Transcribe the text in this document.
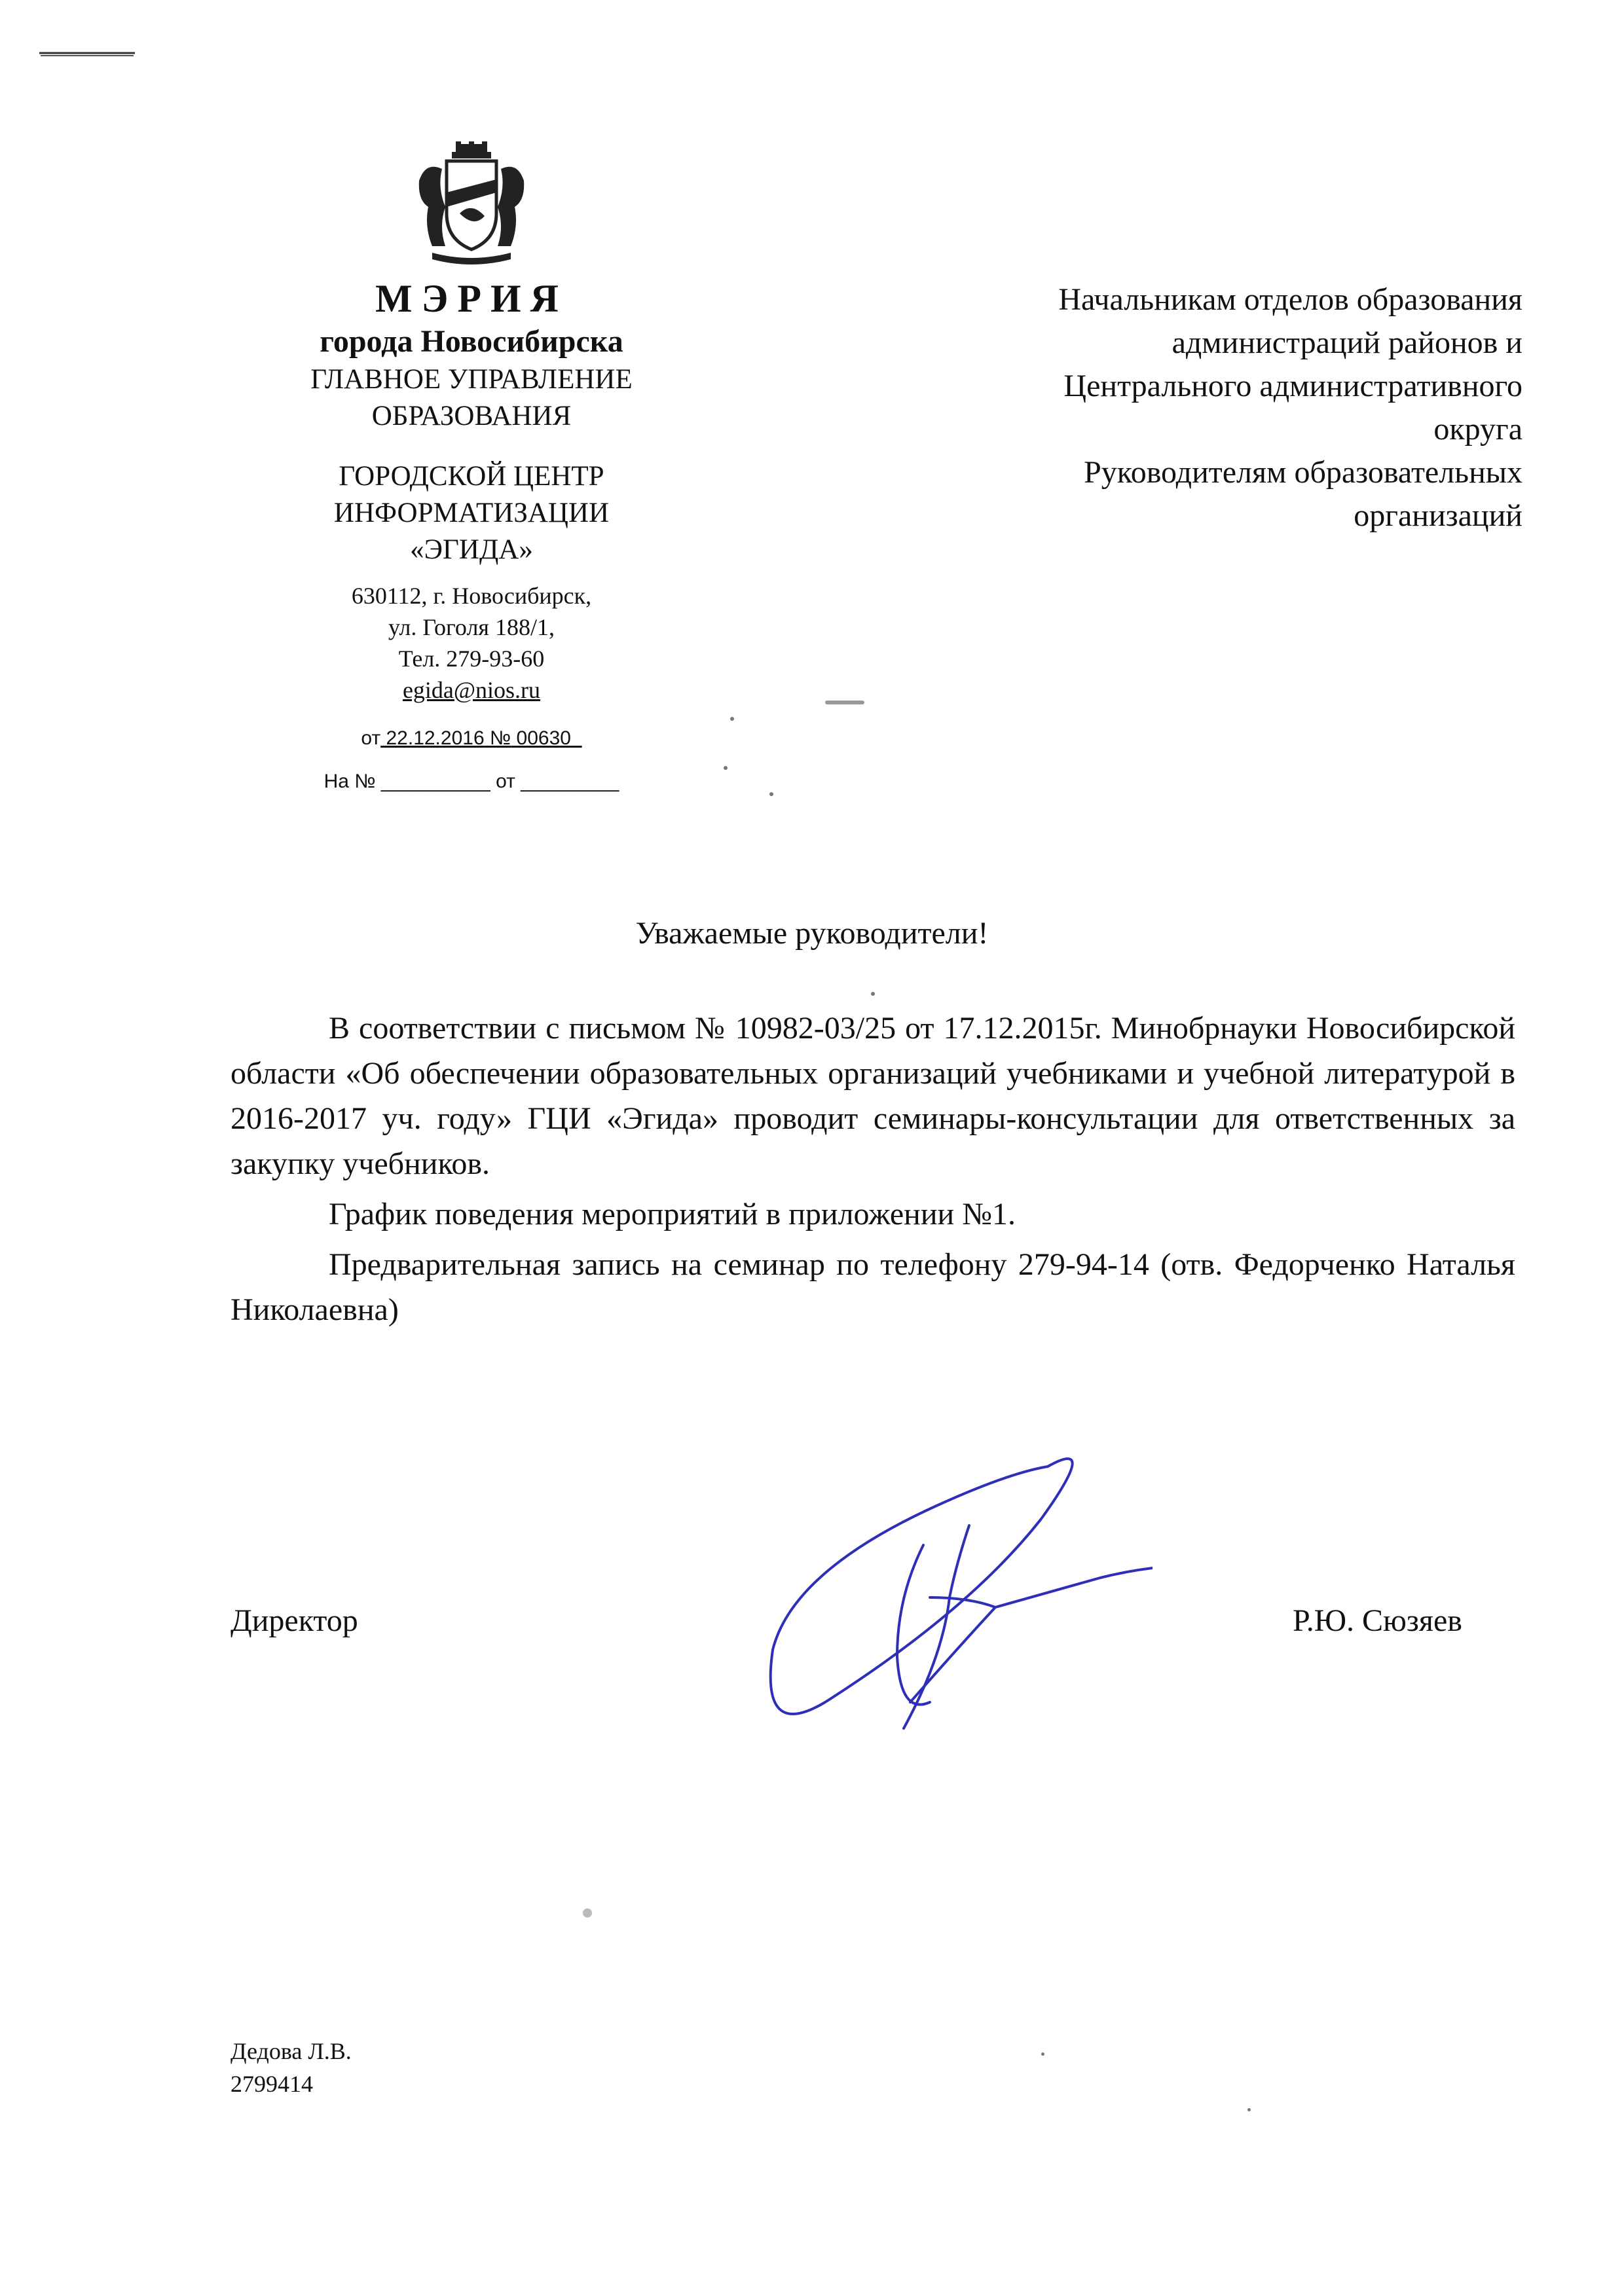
МЭРИЯ
города Новосибирска
ГЛАВНОЕ УПРАВЛЕНИЕ
ОБРАЗОВАНИЯ
ГОРОДСКОЙ ЦЕНТР
ИНФОРМАТИЗАЦИИ
«ЭГИДА»
630112, г. Новосибирск,
ул. Гоголя 188/1,
Тел. 279-93-60
egida@nios.ru
от 22.12.2016 № 00630
На № __________ от _________
Начальникам отделов образования
администраций районов и
Центрального административного
округа
Руководителям образовательных
организаций
Уважаемые руководители!

В соответствии с письмом № 10982-03/25 от 17.12.2015г. Минобрнауки Новосибирской области «Об обеспечении образовательных организаций учебниками и учебной литературой в 2016-2017 уч. году» ГЦИ «Эгида» проводит семинары-консультации для ответственных за закупку учебников.

График поведения мероприятий в приложении №1.

Предварительная запись на семинар по телефону 279-94-14 (отв. Федорченко Наталья Николаевна)

Директор	Р.Ю. Сюзяев
Дедова Л.В.
2799414
